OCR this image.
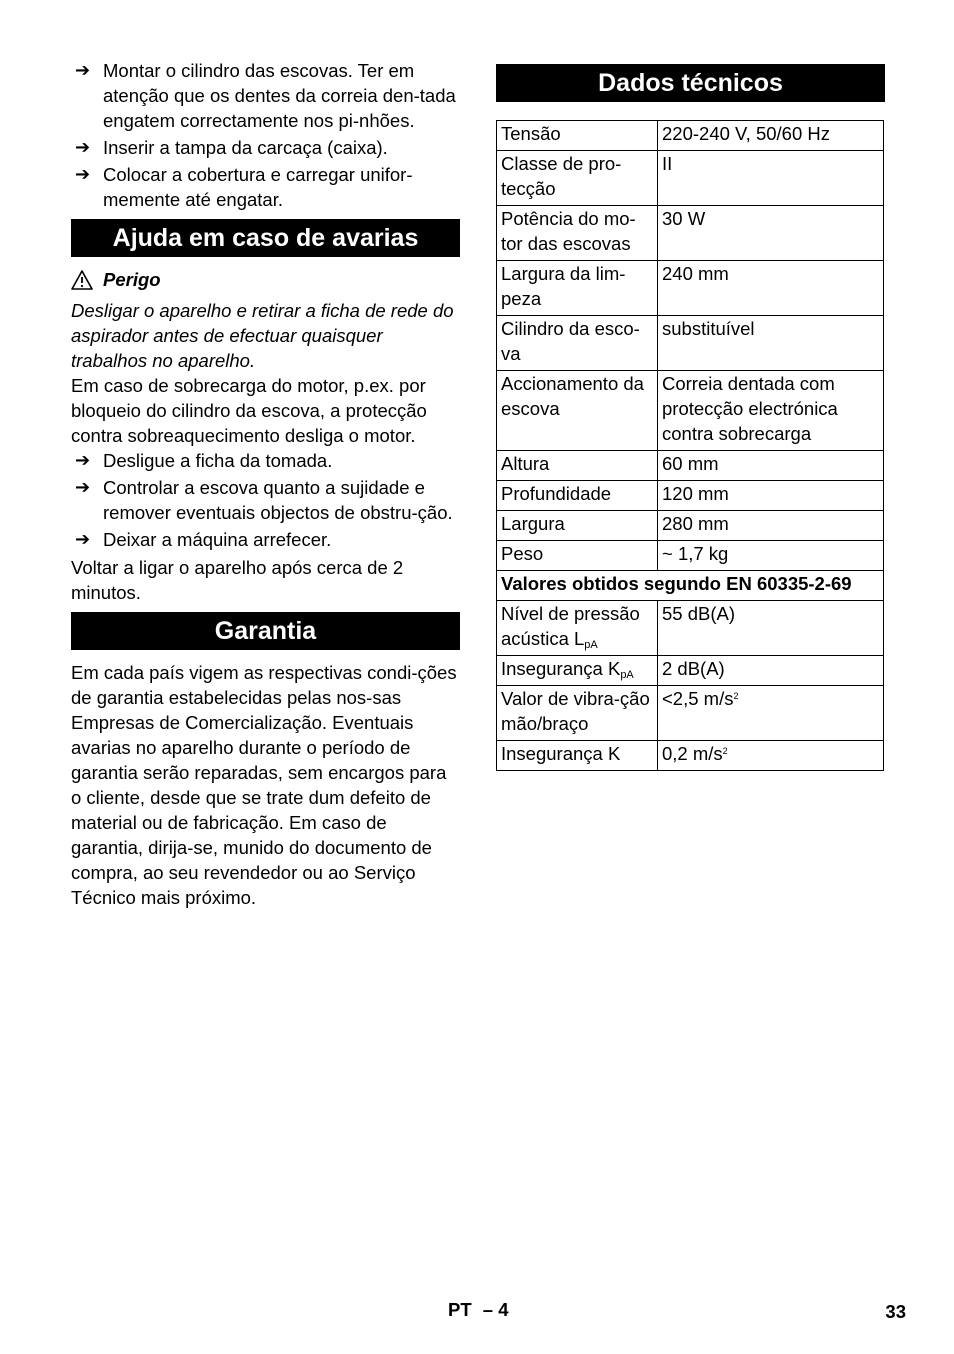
➔ Montar o cilindro das escovas. Ter em atenção que os dentes da correia den-tada engatem correctamente nos pi-nhões.
➔ Inserir a tampa da carcaça (caixa).
➔ Colocar a cobertura e carregar unifor-memente até engatar.
Ajuda em caso de avarias
Perigo

Desligar o aparelho e retirar a ficha de rede do aspirador antes de efectuar quaisquer trabalhos no aparelho.

Em caso de sobrecarga do motor, p.ex. por bloqueio do cilindro da escova, a protecção contra sobreaquecimento desliga o motor.

➔ Desligue a ficha da tomada.
➔ Controlar a escova quanto a sujidade e remover eventuais objectos de obstru-ção.
➔ Deixar a máquina arrefecer.

Voltar a ligar o aparelho após cerca de 2 minutos.

Garantia

Em cada país vigem as respectivas condi-ções de garantia estabelecidas pelas nos-sas Empresas de Comercialização. Eventuais avarias no aparelho durante o período de garantia serão reparadas, sem encargos para o cliente, desde que se trate dum defeito de material ou de fabricação. Em caso de garantia, dirija-se, munido do documento de compra, ao seu revendedor ou ao Serviço Técnico mais próximo.

Dados técnicos
Tensão	220-240 V, 50/60 Hz
Classe de pro-tecção	II
Potência do mo-tor das escovas	30 W
Largura da lim-peza	240 mm
Cilindro da esco-va	substituível
Accionamento da escova	Correia dentada com protecção electrónica contra sobrecarga
Altura	60 mm
Profundidade	120 mm
Largura	280 mm
Peso	~ 1,7 kg
Valores obtidos segundo EN 60335-2-69	
Nível de pressão acústica $L_{pA}$	55 dB(A)
Insegurança $K_{pA}$	2 dB(A)
Valor de vibra-ção mão/braço	<2,5 $m/s^2$
Insegurança K	0,2 $m/s^2$
PT – 4	33
